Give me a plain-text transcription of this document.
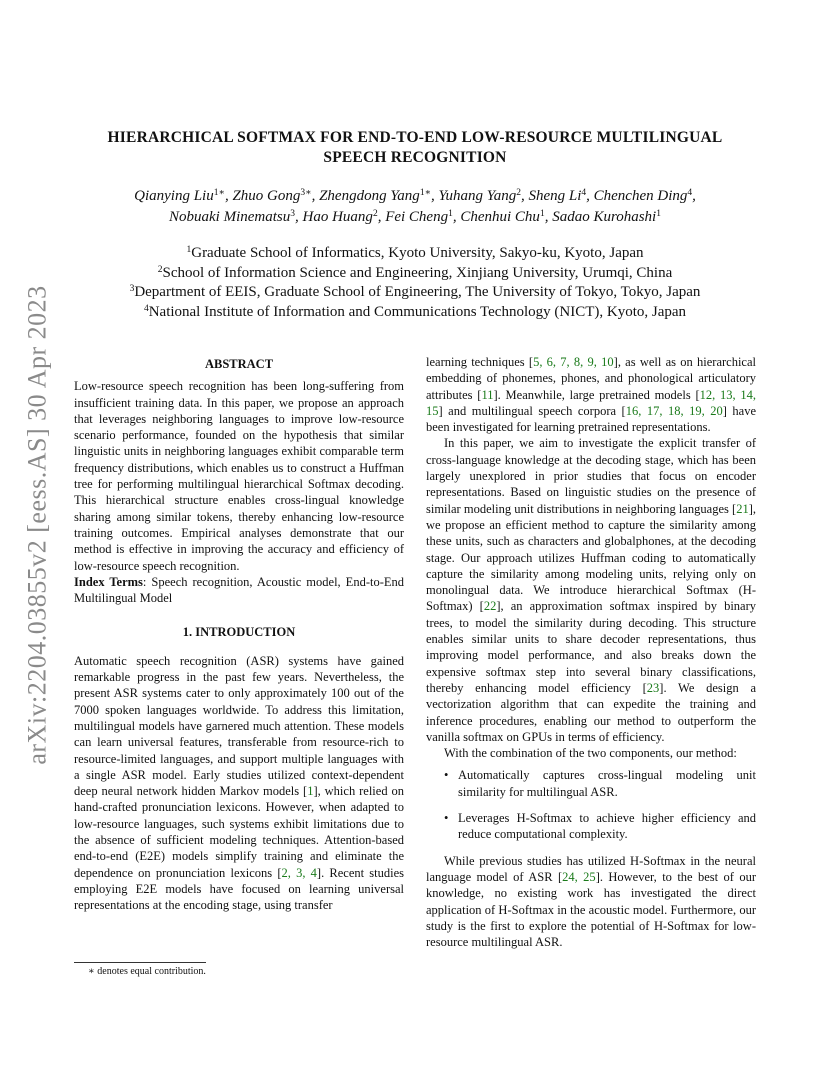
arXiv:2204.03855v2 [eess.AS] 30 Apr 2023
HIERARCHICAL SOFTMAX FOR END-TO-END LOW-RESOURCE MULTILINGUAL
SPEECH RECOGNITION
Qianying Liu$^{1∗}$, Zhuo Gong$^{3∗}$, Zhengdong Yang$^{1∗}$, Yuhang Yang$^2$, Sheng Li$^4$, Chenchen Ding$^4$,
Nobuaki Minematsu$^3$, Hao Huang$^2$, Fei Cheng$^1$, Chenhui Chu$^1$, Sadao Kurohashi$^1$
$^1$Graduate School of Informatics, Kyoto University, Sakyo-ku, Kyoto, Japan
$^2$School of Information Science and Engineering, Xinjiang University, Urumqi, China
$^3$Department of EEIS, Graduate School of Engineering, The University of Tokyo, Tokyo, Japan
$^4$National Institute of Information and Communications Technology (NICT), Kyoto, Japan
ABSTRACT

Low-resource speech recognition has been long-suffering from insufficient training data. In this paper, we propose an approach that leverages neighboring languages to improve low-resource scenario performance, founded on the hypothesis that similar linguistic units in neighboring languages exhibit comparable term frequency distributions, which enables us to construct a Huffman tree for performing multilingual hierarchical Softmax decoding. This hierarchical structure enables cross-lingual knowledge sharing among similar tokens, thereby enhancing low-resource training outcomes. Empirical analyses demonstrate that our method is effective in improving the accuracy and efficiency of low-resource speech recognition.

Index Terms: Speech recognition, Acoustic model, End-to-End Multilingual Model

1. INTRODUCTION

Automatic speech recognition (ASR) systems have gained remarkable progress in the past few years. Nevertheless, the present ASR systems cater to only approximately 100 out of the 7000 spoken languages worldwide. To address this limitation, multilingual models have garnered much attention. These models can learn universal features, transferable from resource-rich to resource-limited languages, and support multiple languages with a single ASR model. Early studies utilized context-dependent deep neural network hidden Markov models [1], which relied on hand-crafted pronunciation lexicons. However, when adapted to low-resource languages, such systems exhibit limitations due to the absence of sufficient modeling techniques. Attention-based end-to-end (E2E) models simplify training and eliminate the dependence on pronunciation lexicons [2, 3, 4]. Recent studies employing E2E models have focused on learning universal representations at the encoding stage, using transfer

learning techniques [5, 6, 7, 8, 9, 10], as well as on hierarchical embedding of phonemes, phones, and phonological articulatory attributes [11]. Meanwhile, large pretrained models [12, 13, 14, 15] and multilingual speech corpora [16, 17, 18, 19, 20] have been investigated for learning pretrained representations.

In this paper, we aim to investigate the explicit transfer of cross-language knowledge at the decoding stage, which has been largely unexplored in prior studies that focus on encoder representations. Based on linguistic studies on the presence of similar modeling unit distributions in neighboring languages [21], we propose an efficient method to capture the similarity among these units, such as characters and globalphones, at the decoding stage. Our approach utilizes Huffman coding to automatically capture the similarity among modeling units, relying only on monolingual data. We introduce hierarchical Softmax (H-Softmax) [22], an approximation softmax inspired by binary trees, to model the similarity during decoding. This structure enables similar units to share decoder representations, thus improving model performance, and also breaks down the expensive softmax step into several binary classifications, thereby enhancing model efficiency [23]. We design a vectorization algorithm that can expedite the training and inference procedures, enabling our method to outperform the vanilla softmax on GPUs in terms of efficiency.

With the combination of the two components, our method:

• Automatically captures cross-lingual modeling unit similarity for multilingual ASR.
• Leverages H-Softmax to achieve higher efficiency and reduce computational complexity.

While previous studies has utilized H-Softmax in the neural language model of ASR [24, 25]. However, to the best of our knowledge, no existing work has investigated the direct application of H-Softmax in the acoustic model. Furthermore, our study is the first to explore the potential of H-Softmax for low-resource multilingual ASR.

∗ denotes equal contribution.
